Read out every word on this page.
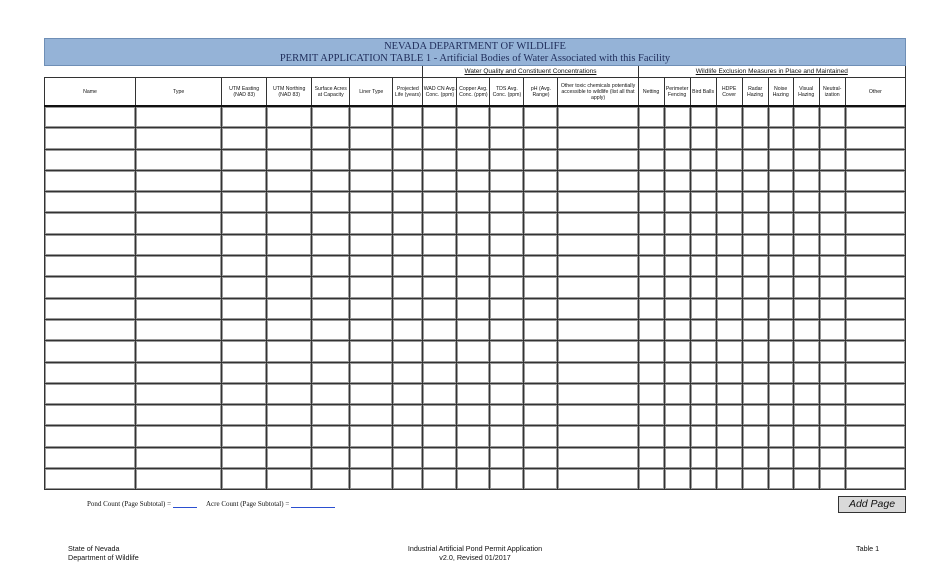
NEVADA DEPARTMENT OF WILDLIFE
PERMIT APPLICATION TABLE 1 - Artificial Bodies of Water Associated with this Facility
							Water Quality and Constituent Concentrations					Wildlife Exclusion Measures in Place and Maintained								
Name	Type	UTM Easting (NAD 83)	UTM Northing (NAD 83)	Surface Acres at Capacity	Liner Type	Projected Life (years)	WAD CN Avg. Conc. (ppm)	Copper Avg. Conc. (ppm)	TDS Avg. Conc. (ppm)	pH (Avg. Range)	Other toxic chemicals potentially accessible to wildlife (list all that apply)	Netting	Perimeter Fencing	Bird Balls	HDPE Cover	Radar Hazing	Noise Hazing	Visual Hazing	Neutral-ization	Other

Pond Count (Page Subtotal) =	Acre Count (Page Subtotal) =	Add Page
State of Nevada
Department of Wildlife
Industrial Artificial Pond Permit Application
v2.0, Revised 01/2017
Table 1
